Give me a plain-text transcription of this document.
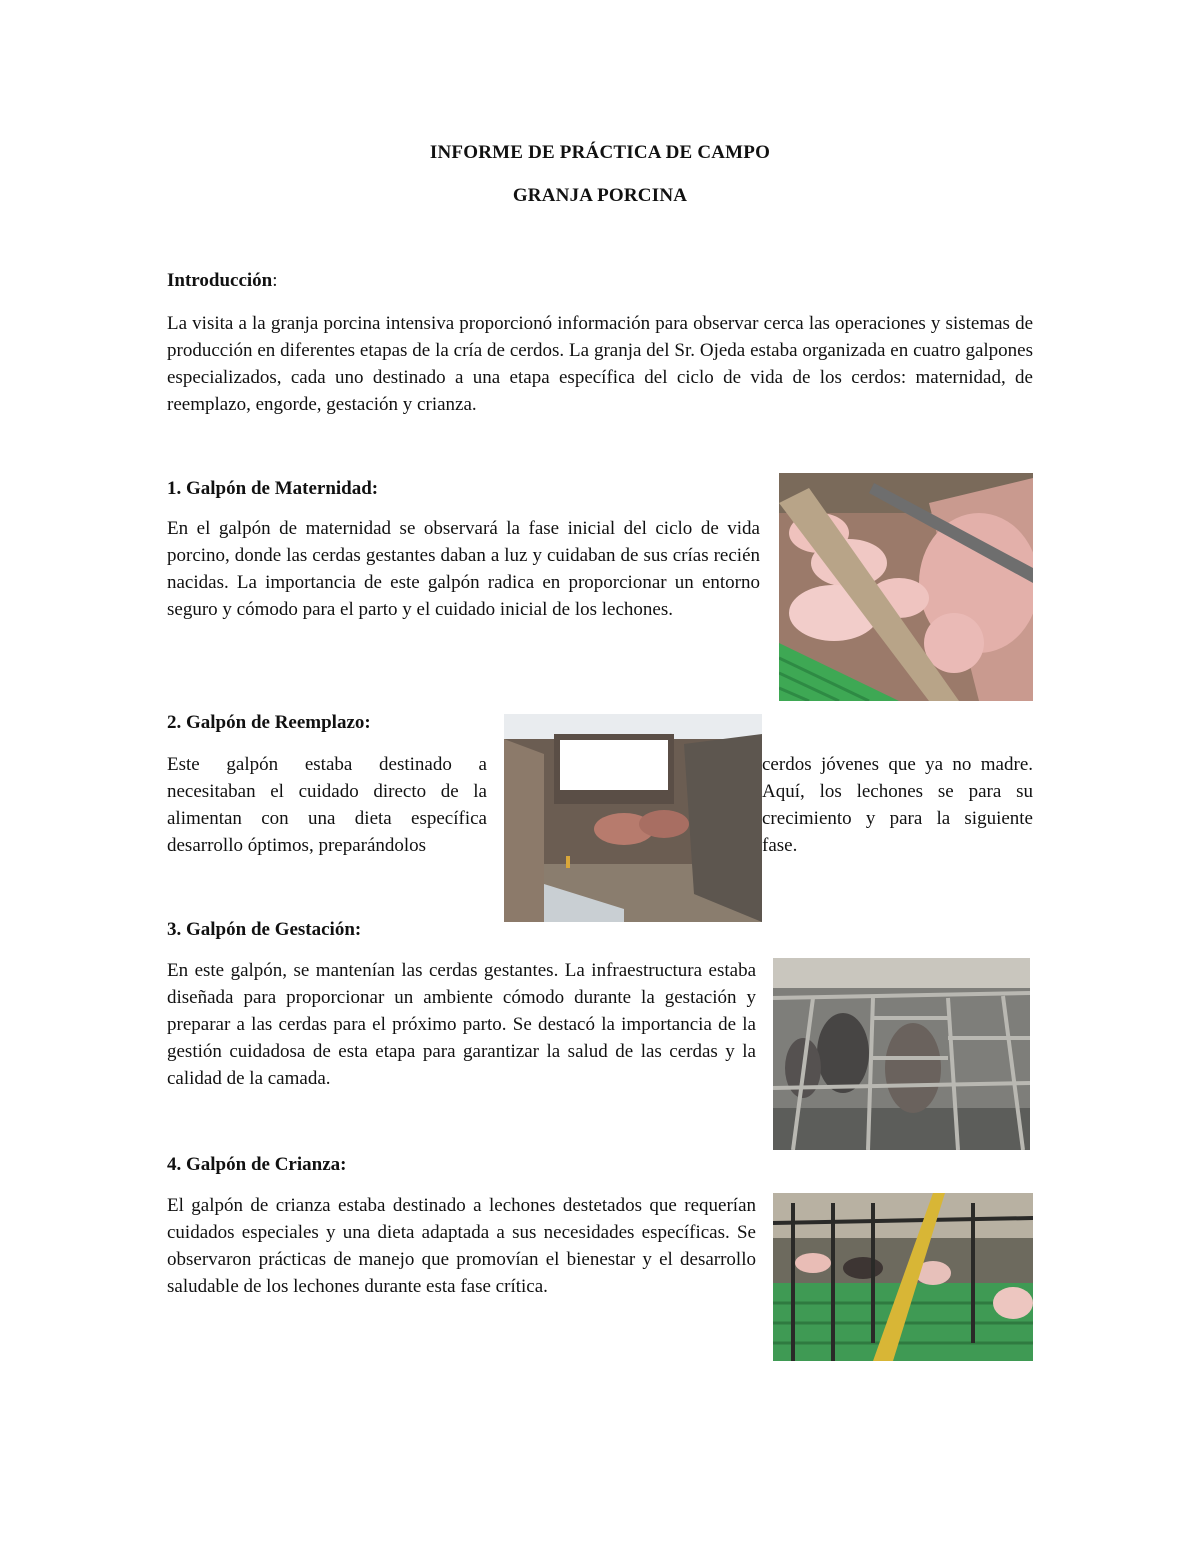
INFORME DE PRÁCTICA DE CAMPO
GRANJA PORCINA
Introducción:

La visita a la granja porcina intensiva proporcionó información para observar cerca las operaciones y sistemas de producción en diferentes etapas de la cría de cerdos. La granja del Sr. Ojeda estaba organizada en cuatro galpones especializados, cada uno destinado a una etapa específica del ciclo de vida de los cerdos: maternidad, de reemplazo, engorde, gestación y crianza.

1. Galpón de Maternidad:

En el galpón de maternidad se observará la fase inicial del ciclo de vida porcino, donde las cerdas gestantes daban a luz y cuidaban de sus crías recién nacidas. La importancia de este galpón radica en proporcionar un entorno seguro y cómodo para el parto y el cuidado inicial de los lechones.

2. Galpón de Reemplazo:

Este galpón estaba destinado a necesitaban el cuidado directo de la alimentan con una dieta específica desarrollo óptimos, preparándolos

cerdos jóvenes que ya no madre. Aquí, los lechones se para su crecimiento y para la siguiente fase.

3. Galpón de Gestación:

En este galpón, se mantenían las cerdas gestantes. La infraestructura estaba diseñada para proporcionar un ambiente cómodo durante la gestación y preparar a las cerdas para el próximo parto. Se destacó la importancia de la gestión cuidadosa de esta etapa para garantizar la salud de las cerdas y la calidad de la camada.

4. Galpón de Crianza:

El galpón de crianza estaba destinado a lechones destetados que requerían cuidados especiales y una dieta adaptada a sus necesidades específicas. Se observaron prácticas de manejo que promovían el bienestar y el desarrollo saludable de los lechones durante esta fase crítica.
